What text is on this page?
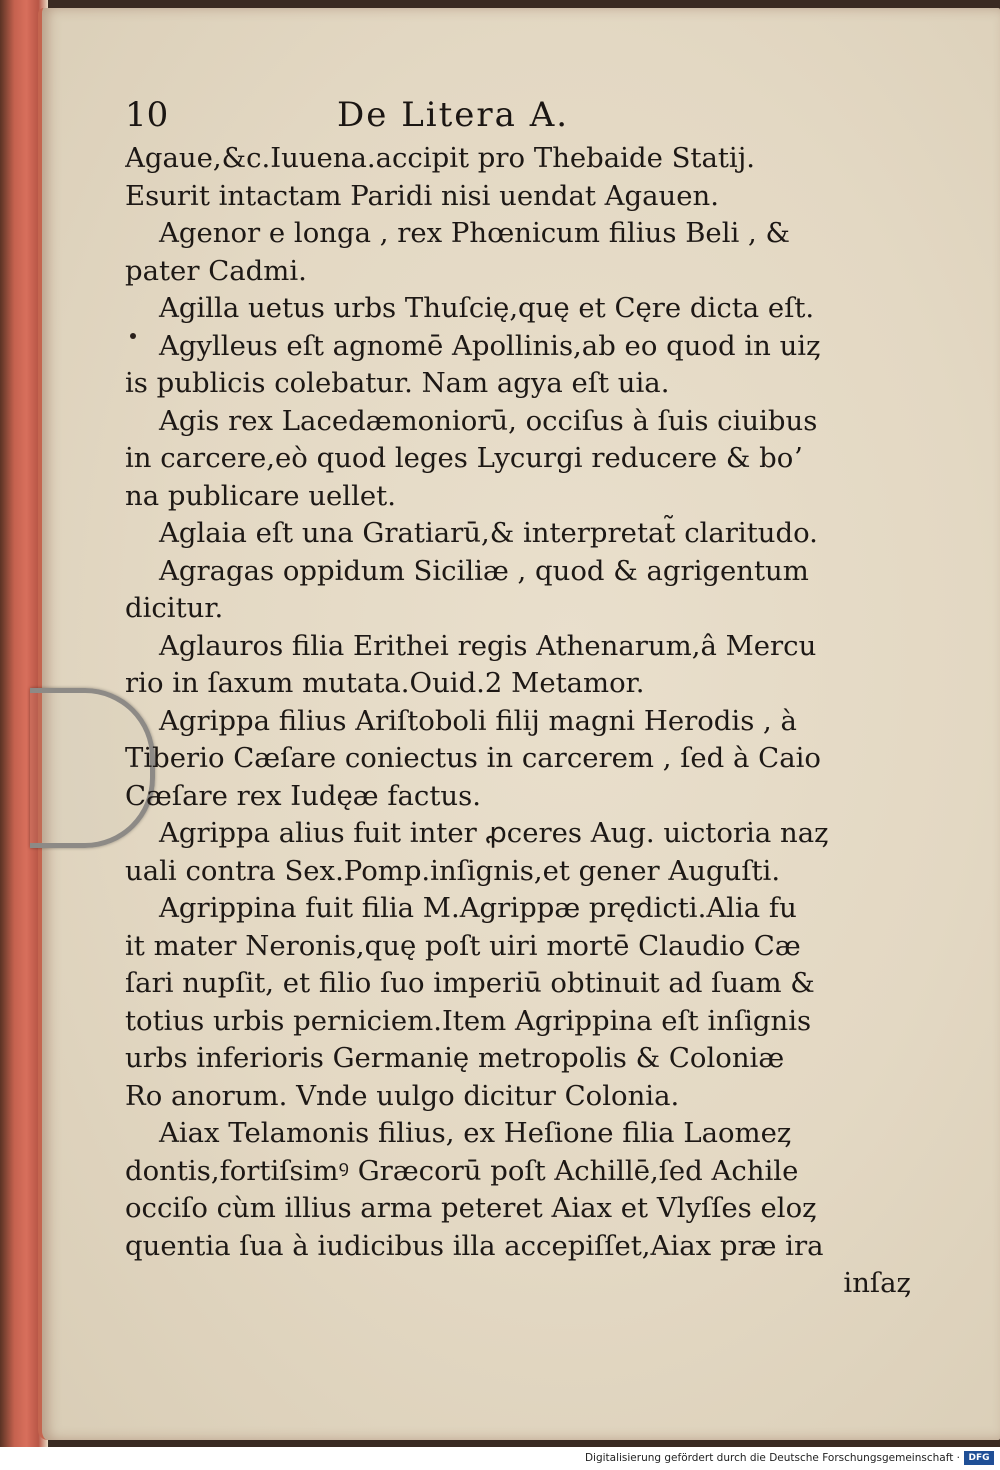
10	De Litera A.
Agaue,&c.Iuuena.accipit pro Thebaide Statij.
Esurit intactam Paridi nisi uendat Agauen.
Agenor e longa , rex Phœnicum filius Beli , &
pater Cadmi.
Agilla uetus urbs Thuſcię,quę et Cęre dicta eſt.
Agylleus eſt agnomē Apollinis,ab eo quod in uiȥ
is publicis colebatur. Nam agya eſt uia.
Agis rex Lacedæmoniorū, occiſus à ſuis ciuibus
in carcere,eò quod leges Lycurgi reducere & boʼ
na publicare uellet.
Aglaia eſt una Gratiarū,& interpretat̃ claritudo.
Agragas oppidum Siciliæ , quod & agrigentum
dicitur.
Aglauros filia Erithei regis Athenarum,â Mercu
rio in ſaxum mutata.Ouid.2 Metamor.
Agrippa filius Ariſtoboli filij magni Herodis , à
Tiberio Cæſare coniectus in carcerem , ſed à Caio
Cæſare rex Iudęæ factus.
Agrippa alius fuit inter ꝓceres Aug. uictoria naȥ
uali contra Sex.Pomp.inſignis,et gener Auguſti.
Agrippina fuit filia M.Agrippæ prędicti.Alia fu
it mater Neronis,quę poſt uiri mortē Claudio Cæ
ſari nupſit, et filio ſuo imperiū obtinuit ad ſuam &
totius urbis perniciem.Item Agrippina eſt inſignis
urbs inferioris Germanię metropolis & Coloniæ
Ro anorum. Vnde uulgo dicitur Colonia.
Aiax Telamonis filius, ex Heſione filia Laomeȥ
dontis,fortiſsimꝰ Græcorū poſt Achillē,ſed Achile
occiſo cùm illius arma peteret Aiax et Vlyſſes eloȥ
quentia ſua à iudicibus illa accepiſſet,Aiax præ ira
inſaȥ
Digitalisierung gefördert durch die Deutsche Forschungsgemeinschaft · DFG
